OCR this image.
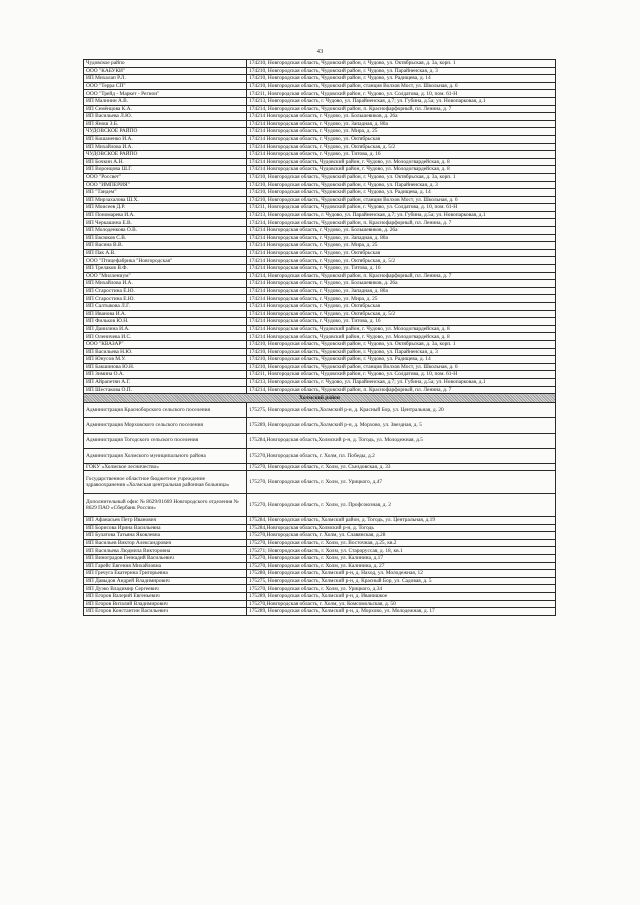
43
Чудовское райпо	174210, Новгородская область, Чудовский район, г. Чудово, ул. Октябрьская, д. 3а, корп. 1
ООО "КАБУКИ"	174210, Новгородская область, Чудовский район, г. Чудово, ул. Парайненская, д. 3
ИП Михалап Р.Л.	174210, Новгородская область, Чудовский район, г. Чудово, ул. Радищева, д. 14
ООО "Терра СП"	174210, Новгородская область, Чудовский район, станция Волхов Мост, ул. Школьная, д. 6
ООО "Трейд - Маркет - Регион"	174211, Новгородская область, Чудовский район, г. Чудово, ул. Солдатова, д. 10, пом. 61-Н
ИП Малинин А.В.	174213, Новгородская область, г. Чудово, ул. Парайненская, д.7; ул. Губина, д.5а; ул. Новопарковая, д.1
ИП Семёнцова К.А.	174214, Новгородская область, Чудовский район, п. Краснофарфорный, пл. Ленина, д. 7
ИП Васильева Л.Ю.	174214 Новгородская область, г. Чудово, ул. Большевиков, д. 26а
ИП Янош З.Б.	174214 Новгородская область, г. Чудово, ул. Западная, д. 80а
ЧУДОВСКОЕ РАЙПО	174214 Новгородская область, г. Чудово, ул. Мира, д. 25
ИП Кошаненко И.А.	174214 Новгородская область, г. Чудово, ул. Октябрьская
ИП Михайлова И.А.	174214 Новгородская область, г. Чудово, ул. Октябрьская, д. 5/2
ЧУДОВСКОЕ РАЙПО	174214 Новгородская область, г. Чудово, ул. Титова, д. 16
ИП Бочкин А.Н.	174214 Новгородская область, Чудовский район, г. Чудово, ул. Молодогвардейская, д. 8
ИП Воронцова Ш.Г.	174214 Новгородская область, Чудовский район, г. Чудово, ул. Молодогвардейская, д. 8
ООО "Россвет"	174210, Новгородская область, Чудовский район, г. Чудово, ул. Октябрьская, д. 3а, корп. 1
ООО "ИМПЕРИЯ"	174210, Новгородская область, Чудовский район, г. Чудово, ул. Парайненская, д. 3
ИП "Тандем"	174210, Новгородская область, Чудовский район, г. Чудово, ул. Радищева, д. 14
ИП Мирзахалова Ш.Х.	174210, Новгородская область, Чудовский район, станция Волхов Мост, ул. Школьная, д. 6
ИП Моисеев Д.Р.	174211, Новгородская область, Чудовский район, г. Чудово, ул. Солдатова, д. 10, пом. 61-Н
ИП Пономарева И.А.	174213, Новгородская область, г. Чудово, ул. Парайненская, д.7; ул. Губина, д.5а; ул. Новопарковая, д.1
ИП Черкашина Е.В.	174214, Новгородская область, Чудовский район, п. Краснофарфорный, пл. Ленина, д. 7
ИП Молоденкова О.В.	174214 Новгородская область, г. Чудово, ул. Большевиков, д. 26а
ИП Евсюков С.В.	174214 Новгородская область, г. Чудово, ул. Западная, д. 80а
ИП Васина В.В.	174214 Новгородская область, г. Чудово, ул. Мира, д. 25
ИП Пак А.В.	174214 Новгородская область, г. Чудово, ул. Октябрьская
ООО "Птицефабрика "Новгородская"	174214 Новгородская область, г. Чудово, ул. Октябрьская, д. 5/2
ИП Трелаков В.Ф.	174214 Новгородская область, г. Чудово, ул. Титова, д. 16
ООО "Миллениум"	174214, Новгородская область, Чудовский район, п. Краснофарфорный, пл. Ленина, д. 7
ИП Михайлова И.А.	174214 Новгородская область, г. Чудово, ул. Большевиков, д. 26а
ИП Старостина Е.Ю.	174214 Новгородская область, г. Чудово, ул. Западная, д. 80а
ИП Старостина Е.Ю.	174214 Новгородская область, г. Чудово, ул. Мира, д. 25
ИП Салтыкова Л.Г.	174214 Новгородская область, г. Чудово, ул. Октябрьская
ИП Иванова И.А.	174214 Новгородская область, г. Чудово, ул. Октябрьская, д. 5/2
ИП Фильков Ю.Н.	174214 Новгородская область, г. Чудово, ул. Титова, д. 16
ИП Данилина И.А.	174214 Новгородская область, Чудовский район, г. Чудово, ул. Молодогвардейская, д. 8
ИП Оленичева И.С.	174214 Новгородская область, Чудовский район, г. Чудово, ул. Молодогвардейская, д. 8
ООО "КВАЗАР"	174210, Новгородская область, Чудовский район, г. Чудово, ул. Октябрьская, д. 3а, корп. 1
ИП Васильева Н.Ю.	174210, Новгородская область, Чудовский район, г. Чудово, ул. Парайненская, д. 3
ИП Юнусов М.У.	174210, Новгородская область, Чудовский район, г. Чудово, ул. Радищева, д. 14
ИП Бакшинова Ю.Н.	174210, Новгородская область, Чудовский район, станция Волхов Мост, ул. Школьная, д. 6
ИП Зимина О.А.	174211, Новгородская область, Чудовский район, г. Чудово, ул. Солдатова, д. 10, пом. 61-Н
ИП Айрапетян А.Г.	174213, Новгородская область, г. Чудово, ул. Парайненская, д.7; ул. Губина, д.5а; ул. Новопарковая, д.1
ИП Шестакова О.П.	174214, Новгородская область, Чудовский район, п. Краснофарфорный, пл. Ленина, д. 7
Холмский район	
Администрация Красноборского сельского поселения	175275, Новгородская область,Холмский р-н, д. Красный Бор, ул. Центральная, д. 20
Администрация Морховского сельского поселения	175289, Новгородская область,Холмский р-н, д. Морхово, ул. Звездная, д. 5
Администрация Тогодского сельского поселения	175284,Новгородская область,Холмский р-н, д. Тогодь, ул. Молодежная, д.5
Администрация Холмского муниципального района	175270,Новгородская область, г. Холм, пл. Победы, д.2
ГОКУ «Холмское лесничество»	175270, Новгородская область, г. Холм, ул. Съездовская, д. 33
Государственное областное бюджетное учреждение здравоохранения «Холмская центральная районная больница»	175270, Новгородская область, г. Холм, ул. Урицкого, д.47
Дополнительный офис № 8629/01669 Новгородского отделения № 8629 ПАО «Сбербанк России»	175270, Новгородская область, г. Холм, ул. Профсоюзная, д. 2
ИП Афанасьев Петр Иванович	175284, Новгородская область, Холмский район, д. Тогодь, ул. Центральная, д.19
ИП Борисова Ирина Васильевна	175284,Новгородская область,Холмский р-н, д. Тогодь
ИП Булатова Татьяна Яковлевна	175270,Новгородская область, г. Холм, ул. Славянская, д.28
ИП Васильев Виктор Александрович	175270, Новгородская область, г. Холм, ул. Восточная, д.25, кв.2
ИП Васильева Людмила Викторовна	175271; Новгородская область, г. Холм, ул. Староруссая, д. 18, кв.1
ИП Виноградов Геннадий Васильевич	175270, Новгородская область, г. Холм, ул. Калинина, д.17
ИП Гарейс Евгения Михайловна	175270, Новгородская область, г. Холм, ул. Калинина, д. 27
ИП Гречуга Екатерина Григорьевна	175280, Новгородская область, Холмский р-н, д. Наход, ул. Молодежная, 12
ИП Давыдов Андрей Владимирович	175275, Новгородская область, Холмский р-н, д. Красный Бор, ул. Садовая, д. 5
ИП Дуэко Владимир Сергеевич	175270, Новгородская область, г. Холм, ул. Урицкого, д.34
ИП Егоров Валерий Евгеньевич	175289, Новгородская область, Холмский р-н, д. Иванишкое
ИП Егоров Виталий Владимирович	175270,Новгородская область, г. Холм, ул. Комсомольская, д. 50
ИП Егоров Константин Васильевич	175289, Новгородская область, Холмский р-н, д. Морхово, ул. Молодежная, д. 17
